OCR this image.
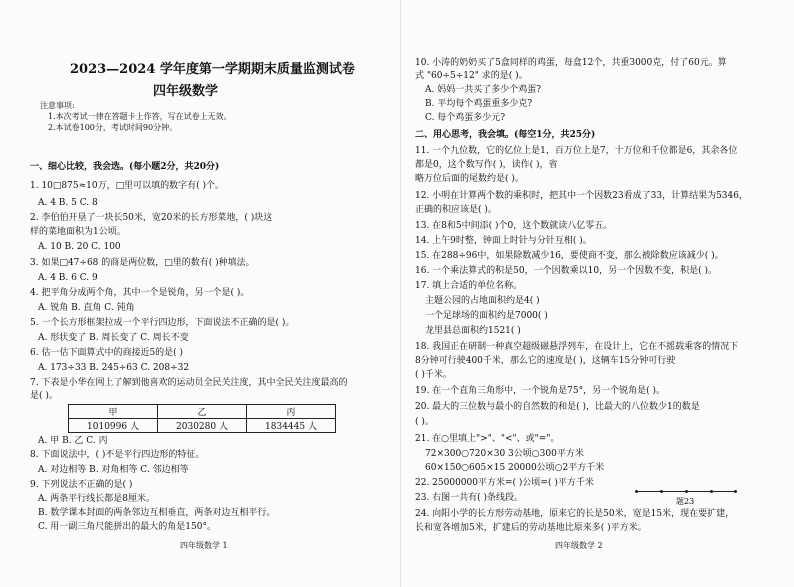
2023—2024 学年度第一学期期末质量监测试卷
四年级数学
注意事项:
1.本次考试一律在答题卡上作答，写在试卷上无效。
2.本试卷100分，考试时间90分钟。
一、细心比较，我会选。(每小题2分，共20分)
1. 10□875≈10万，□里可以填的数字有( )个。
A. 4 B. 5 C. 8
2. 李伯伯开垦了一块长50米，宽20米的长方形菜地，( )块这
样的菜地面积为1公顷。
A. 10 B. 20 C. 100
3. 如果□47÷68 的商是两位数，□里的数有( )种填法。
A. 4 B. 6 C. 9
4. 把平角分成两个角，其中一个是锐角，另一个是( )。
A. 锐角 B. 直角 C. 钝角
5. 一个长方形框架拉成一个平行四边形，下面说法不正确的是( )。
A. 形状变了 B. 周长变了 C. 周长不变
6. 估一估下面算式中的商接近5的是( )
A. 173÷33 B. 245÷63 C. 208÷32
7. 下表是小华在网上了解到他喜欢的运动员全民关注度，其中全民关注度最高的
是( )。
甲	乙	丙
1010996 人	2030280 人	1834445 人
A. 甲 B. 乙 C. 丙
8. 下面说法中，( )不是平行四边形的特征。
A. 对边相等 B. 对角相等 C. 邻边相等
9. 下列说法不正确的是( )
A. 两条平行线长都是8厘米。
B. 数学课本封面的两条邻边互相垂直，两条对边互相平行。
C. 用一副三角尺能拼出的最大的角是150°。
四年级数学 1
10. 小涛的奶奶买了5盒同样的鸡蛋，每盒12个，共重3000克，付了60元。算
式 "60÷5÷12" 求的是( )。
A. 妈妈一共买了多少个鸡蛋?
B. 平均每个鸡蛋重多少克?
C. 每个鸡蛋多少元?
二、用心思考，我会填。(每空1分，共25分)
11. 一个九位数，它的亿位上是1，百万位上是7，十万位和千位都是6，其余各位
都是0，这个数写作( )，读作( )，省
略万位后面的尾数约是( )。
12. 小明在计算两个数的乘积时，把其中一个因数23看成了33，计算结果为5346，
正确的积应该是( )。
13. 在8和5中间添( )个0，这个数就读八亿零五。
14. 上午9时整，钟面上时针与分针互相( )。
15. 在288÷96中，如果除数减少16，要使商不变，那么被除数应该减少( )。
16. 一个乘法算式的积是50，一个因数乘以10，另一个因数不变，积是( )。
17. 填上合适的单位名称。
主题公园的占地面积约是4( )
一个足球场的面积约是7000( )
龙里县总面积约1521( )
18. 我国正在研制一种真空超级磁悬浮列车，在设计上，它在不摇载乘客的情况下
8分钟可行驶400千米，那么它的速度是( )，这辆车15分钟可行驶
( )千米。
19. 在一个直角三角形中，一个锐角是75°，另一个锐角是( )。
20. 最大的三位数与最小的自然数的和是( )，比最大的八位数少1的数是
( )。
21. 在○里填上">"、"<"、或"="。
72×300○720×30 3公顷○300平方米
60×150○605×15 20000公顷○2平方千米
22. 25000000平方米=( )公顷=( )平方千米
23. 右图一共有( )条线段。	题23
24. 向阳小学的长方形劳动基地，原来它的长是50米，宽是15米，现在要扩建，
长和宽各增加5米，扩建后的劳动基地比原来多( )平方米。
四年级数学 2
